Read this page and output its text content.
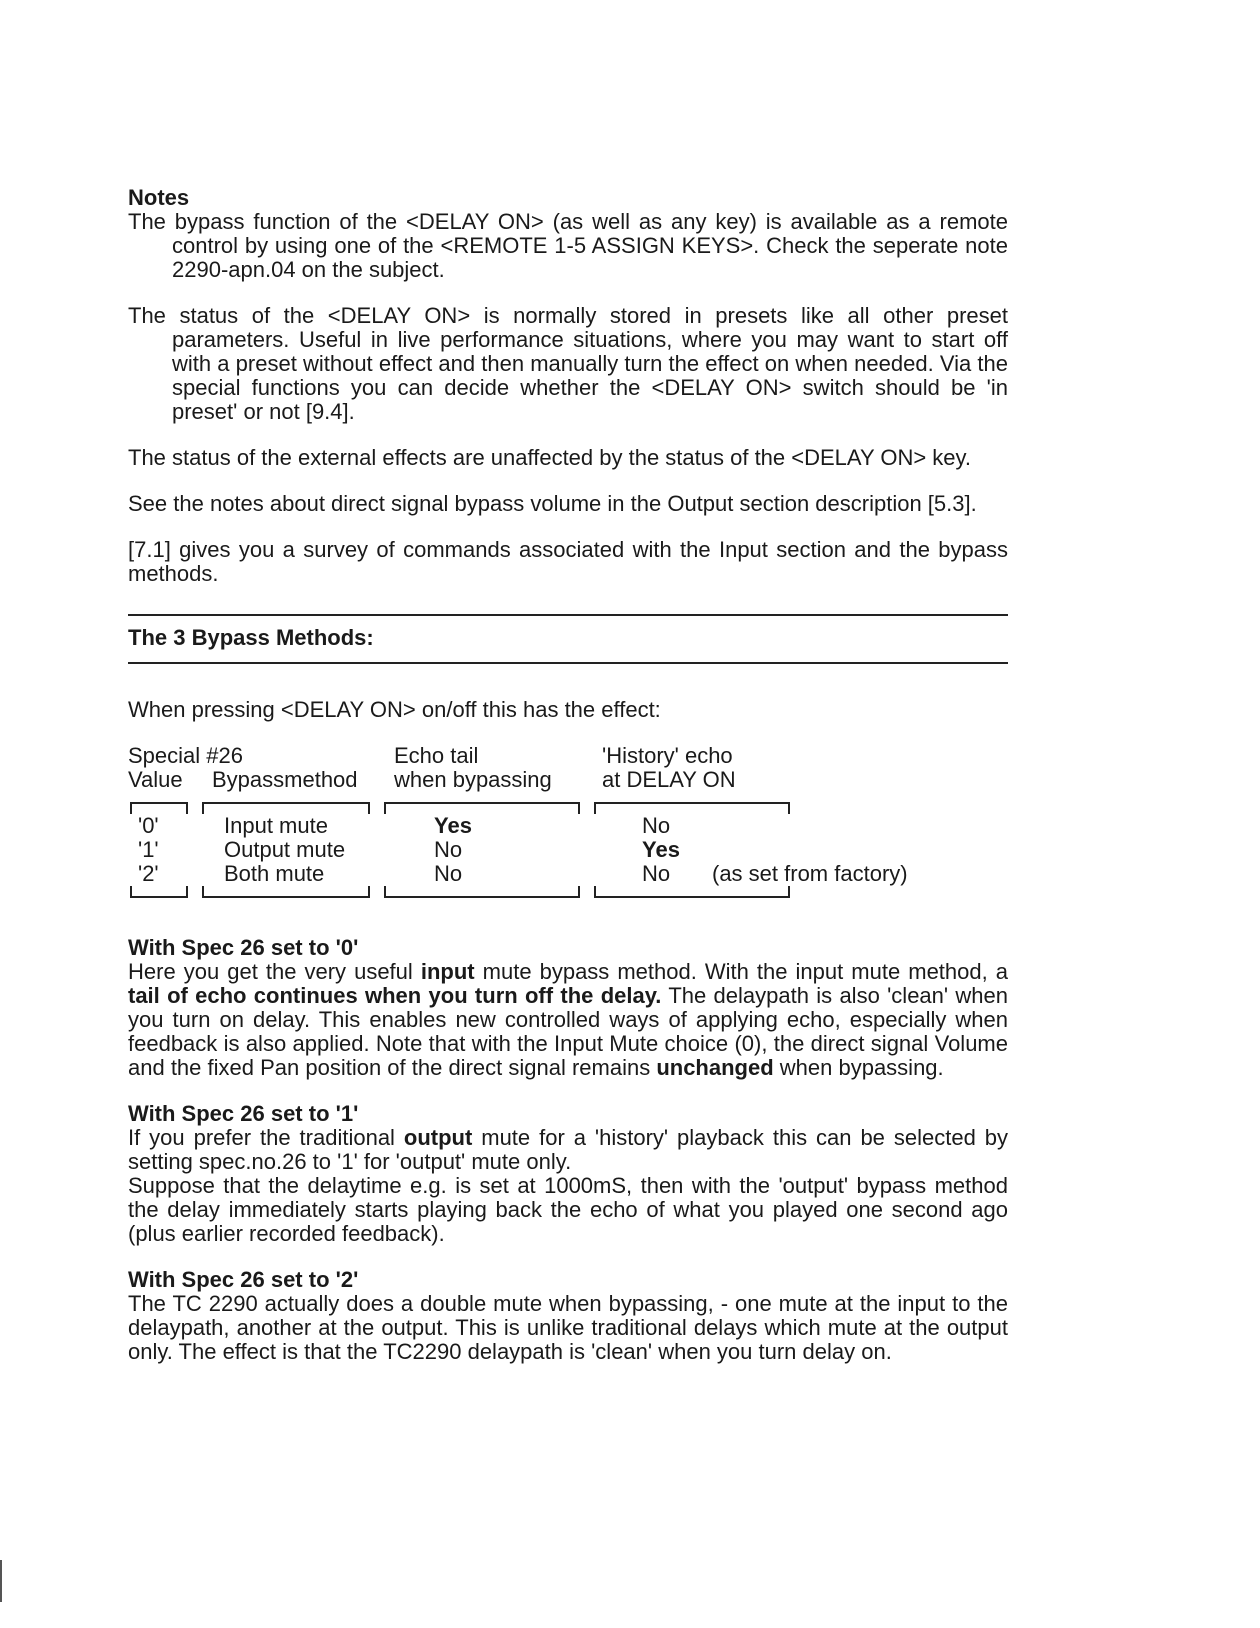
Notes

The bypass function of the <DELAY ON> (as well as any key) is available as a remote control by using one of the <REMOTE 1-5 ASSIGN KEYS>. Check the seperate note 2290-apn.04 on the subject.

The status of the <DELAY ON> is normally stored in presets like all other preset parameters. Useful in live performance situations, where you may want to start off with a preset without effect and then manually turn the effect on when needed. Via the special functions you can decide whether the <DELAY ON> switch should be 'in preset' or not [9.4].

The status of the external effects are unaffected by the status of the <DELAY ON> key.

See the notes about direct signal bypass volume in the Output section description [5.3].

[7.1] gives you a survey of commands associated with the Input section and the bypass methods.

The 3 Bypass Methods:

When pressing <DELAY ON> on/off this has the effect:

Special #26
Value Bypassmethod
Echo tail
when bypassing
'History' echo
at DELAY ON
'0'	Input mute	Yes	No
'1'	Output mute	No	Yes
'2'	Both mute	No	No (as set from factory)

With Spec 26 set to '0'

Here you get the very useful input mute bypass method. With the input mute method, a tail of echo continues when you turn off the delay. The delaypath is also 'clean' when you turn on delay. This enables new controlled ways of applying echo, especially when feedback is also applied. Note that with the Input Mute choice (0), the direct signal Volume and the fixed Pan position of the direct signal remains unchanged when bypassing.

With Spec 26 set to '1'

If you prefer the traditional output mute for a 'history' playback this can be selected by setting spec.no.26 to '1' for 'output' mute only.

Suppose that the delaytime e.g. is set at 1000mS, then with the 'output' bypass method the delay immediately starts playing back the echo of what you played one second ago (plus earlier recorded feedback).

With Spec 26 set to '2'

The TC 2290 actually does a double mute when bypassing, - one mute at the input to the delaypath, another at the output. This is unlike traditional delays which mute at the output only. The effect is that the TC2290 delaypath is 'clean' when you turn delay on.
